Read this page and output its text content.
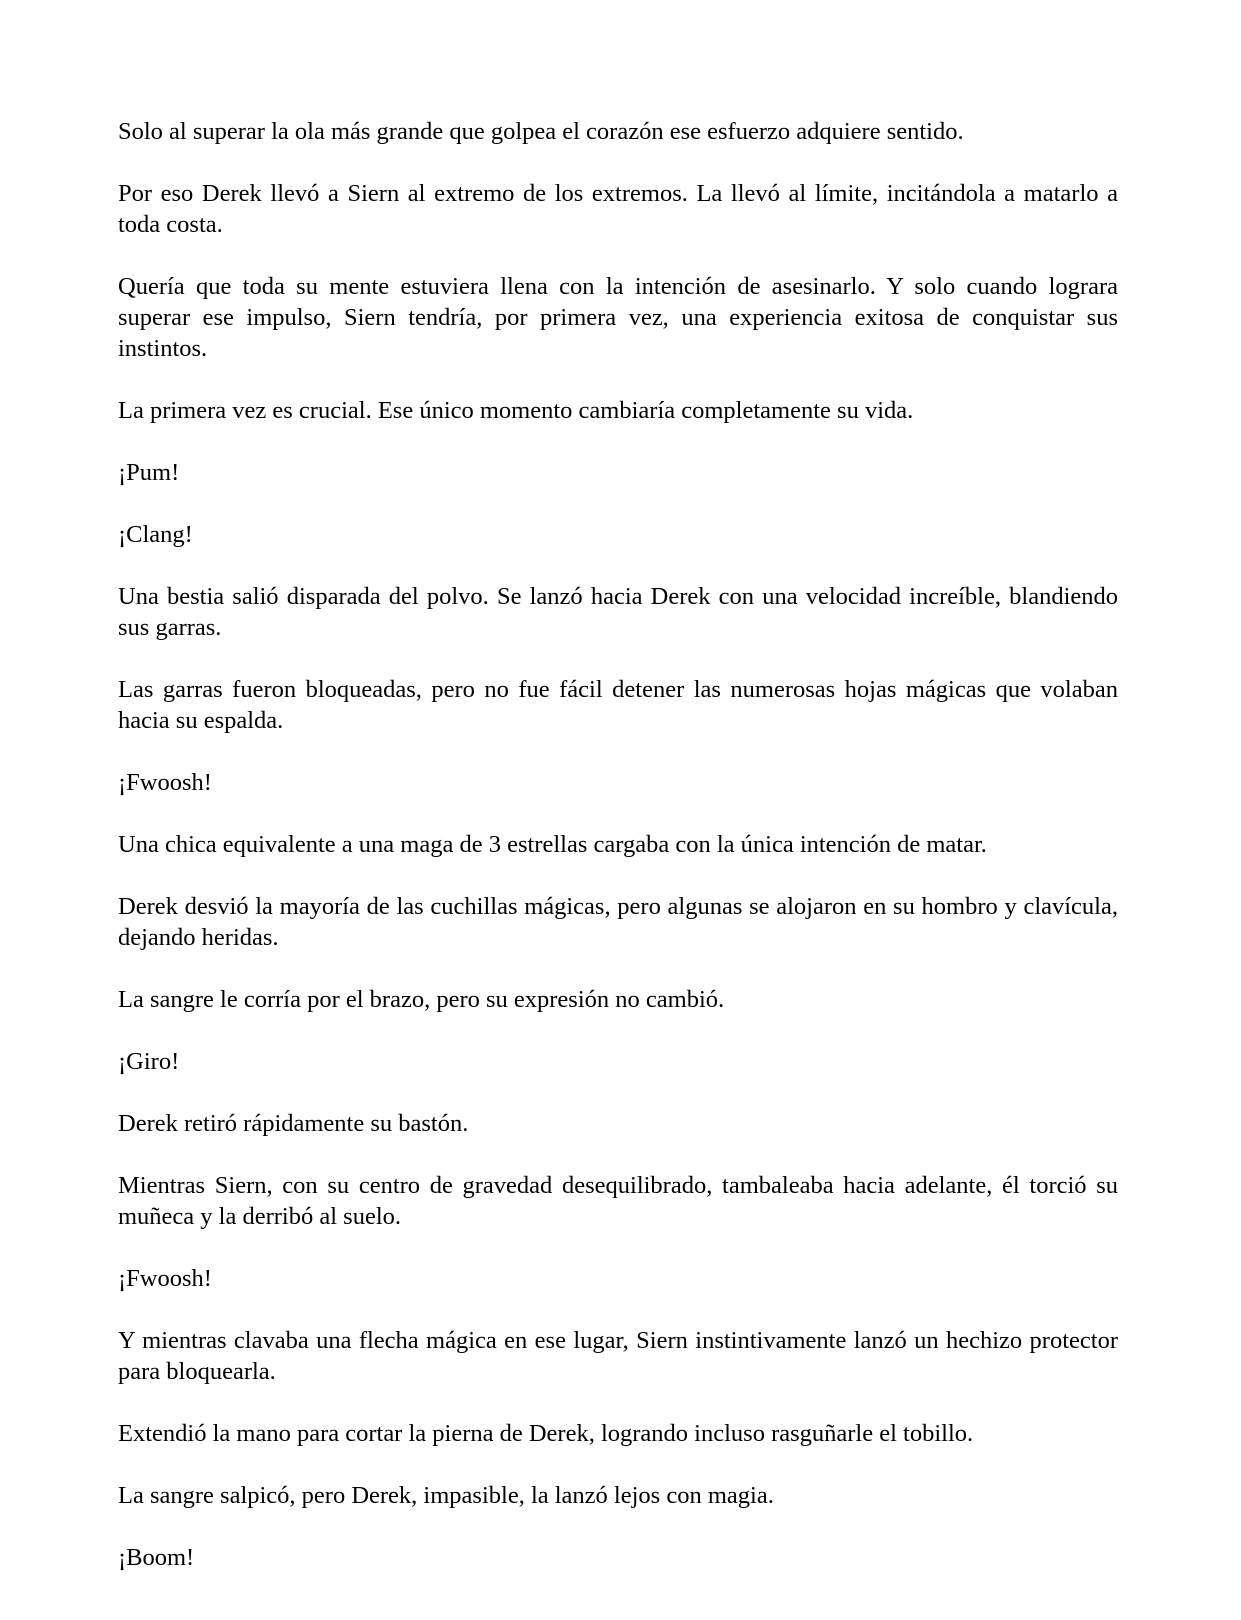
Solo al superar la ola más grande que golpea el corazón ese esfuerzo adquiere sentido.

Por eso Derek llevó a Siern al extremo de los extremos. La llevó al límite, incitándola a matarlo a toda costa.

Quería que toda su mente estuviera llena con la intención de asesinarlo. Y solo cuando lograra superar ese impulso, Siern tendría, por primera vez, una experiencia exitosa de conquistar sus instintos.

La primera vez es crucial. Ese único momento cambiaría completamente su vida.

¡Pum!

¡Clang!

Una bestia salió disparada del polvo. Se lanzó hacia Derek con una velocidad increíble, blandiendo sus garras.

Las garras fueron bloqueadas, pero no fue fácil detener las numerosas hojas mágicas que volaban hacia su espalda.

¡Fwoosh!

Una chica equivalente a una maga de 3 estrellas cargaba con la única intención de matar.

Derek desvió la mayoría de las cuchillas mágicas, pero algunas se alojaron en su hombro y clavícula, dejando heridas.

La sangre le corría por el brazo, pero su expresión no cambió.

¡Giro!

Derek retiró rápidamente su bastón.

Mientras Siern, con su centro de gravedad desequilibrado, tambaleaba hacia adelante, él torció su muñeca y la derribó al suelo.

¡Fwoosh!

Y mientras clavaba una flecha mágica en ese lugar, Siern instintivamente lanzó un hechizo protector para bloquearla.

Extendió la mano para cortar la pierna de Derek, logrando incluso rasguñarle el tobillo.

La sangre salpicó, pero Derek, impasible, la lanzó lejos con magia.

¡Boom!
